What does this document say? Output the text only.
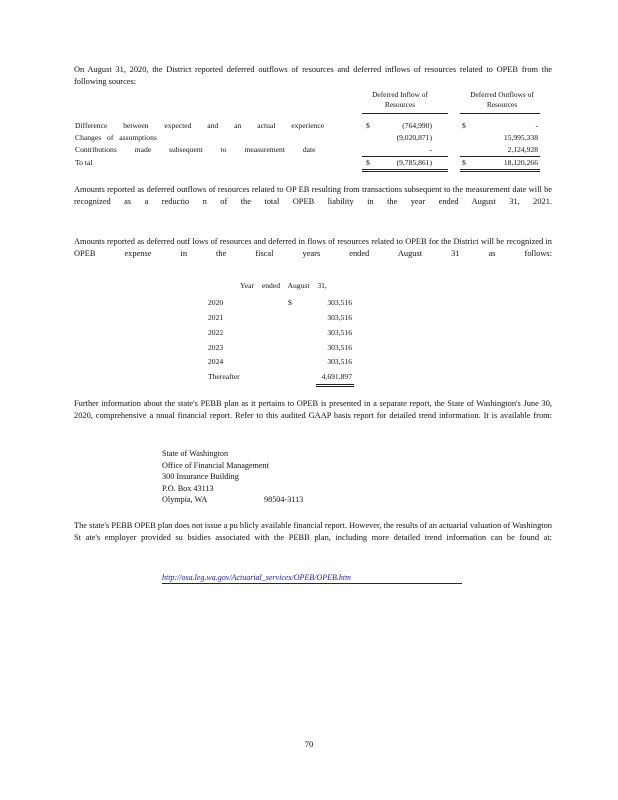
On August 31, 2020, the District reported deferred outflows of resources and deferred inflows of resources related to OPEB from the following sources:
Deferred Inflow of Resources
Deferred Outflows of Resources
Difference between expected and an actual experience	$	(764,990)	$	-
Changes of assumptions	(9,020,871)	15,995,338
Contributions made subsequent to measurement date	-	2,124,928
To tal	$	(9,785,861)	$	18,120,266
Amounts reported as deferred outflows of resources related to OP EB resulting from transactions subsequent to the measurement date will be recognized as a reductio n of the total OPEB liability in the year ended August 31, 2021.
Amounts reported as deferred outf lows of resources and deferred in flows of resources related to OPEB for the District will be recognized in OPEB expense in the fiscal years ended August 31 as follows:
Year ended August 31,
$
2020	303,516
2021	303,516
2022	303,516
2023	303,516
2024	303,516
Thereafter	4,691,897
Further information about the state's PEBB plan as it pertains to OPEB is presented in a separate report, the State of Washington's June 30, 2020, comprehensive a nnual financial report. Refer to this audited GAAP basis report for detailed trend information. It is available from:
State of Washington
Office of Financial Management
300 Insurance Building
P.O. Box 43113
Olympia, WA	98504-3113
The state's PEBB OPEB plan does not issue a pu blicly available financial report. However, the results of an actuarial valuation of Washington St ate's employer provided su bsidies associated with the PEBB plan, including more detailed trend information can be found at:
http://osa.leg.wa.gov/Actuarial_services/OPEB/OPEB.htm
70
